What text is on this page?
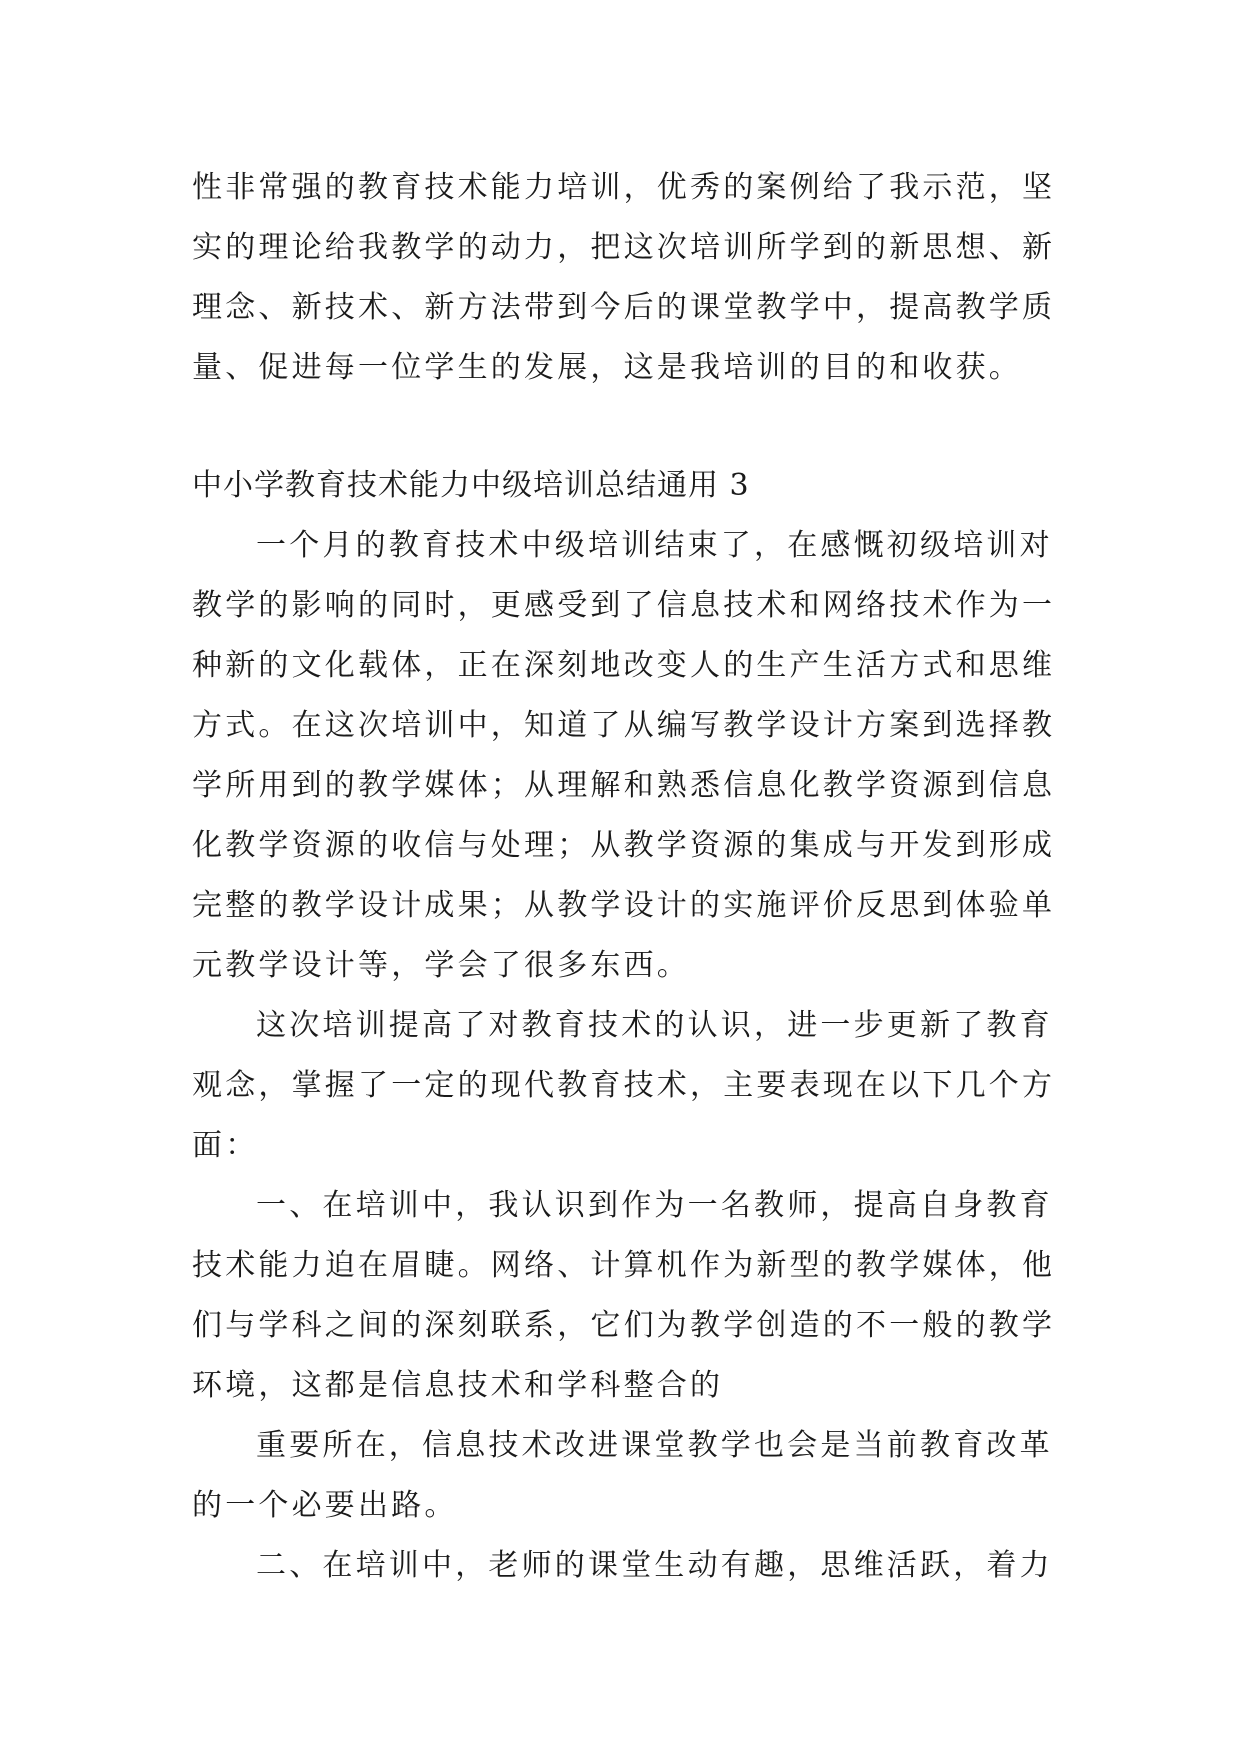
性非常强的教育技术能力培训，优秀的案例给了我示范，坚
实的理论给我教学的动力，把这次培训所学到的新思想、新
理念、新技术、新方法带到今后的课堂教学中，提高教学质
量、促进每一位学生的发展，这是我培训的目的和收获。
中小学教育技术能力中级培训总结通用 3
一个月的教育技术中级培训结束了，在感慨初级培训对
教学的影响的同时，更感受到了信息技术和网络技术作为一
种新的文化载体，正在深刻地改变人的生产生活方式和思维
方式。在这次培训中，知道了从编写教学设计方案到选择教
学所用到的教学媒体；从理解和熟悉信息化教学资源到信息
化教学资源的收信与处理；从教学资源的集成与开发到形成
完整的教学设计成果；从教学设计的实施评价反思到体验单
元教学设计等，学会了很多东西。
这次培训提高了对教育技术的认识，进一步更新了教育
观念，掌握了一定的现代教育技术，主要表现在以下几个方
面：
一、在培训中，我认识到作为一名教师，提高自身教育
技术能力迫在眉睫。网络、计算机作为新型的教学媒体，他
们与学科之间的深刻联系，它们为教学创造的不一般的教学
环境，这都是信息技术和学科整合的
重要所在，信息技术改进课堂教学也会是当前教育改革
的一个必要出路。
二、在培训中，老师的课堂生动有趣，思维活跃，着力
